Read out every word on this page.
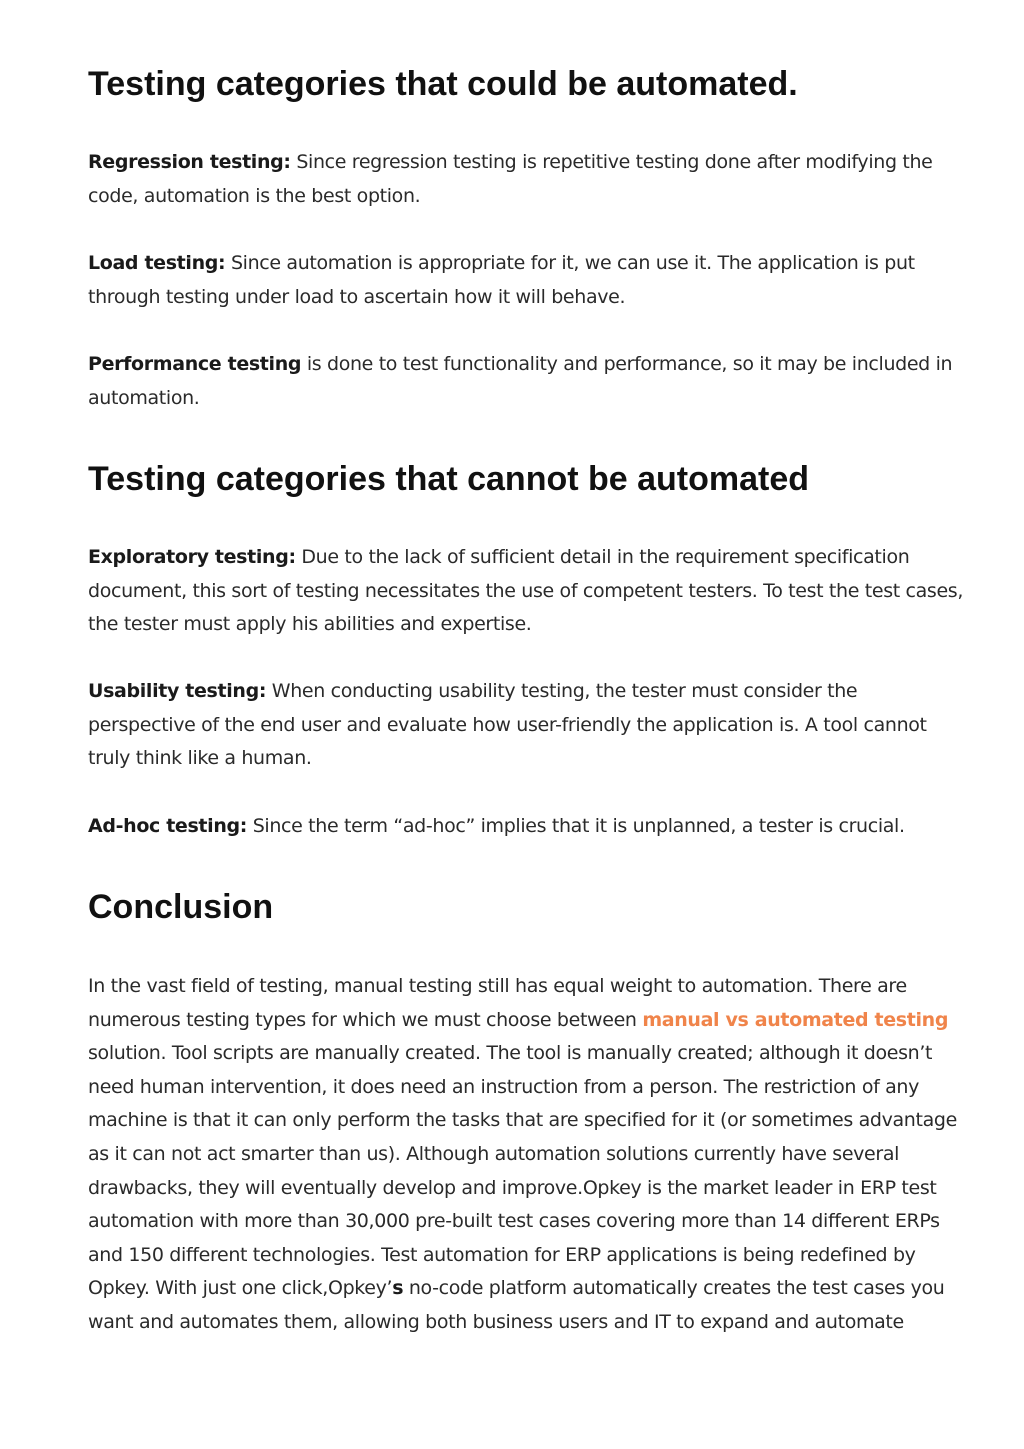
Testing categories that could be automated.

Regression testing: Since regression testing is repetitive testing done after modifying the code, automation is the best option.

Load testing: Since automation is appropriate for it, we can use it. The application is put through testing under load to ascertain how it will behave.

Performance testing is done to test functionality and performance, so it may be included in automation.

Testing categories that cannot be automated

Exploratory testing: Due to the lack of sufficient detail in the requirement specification document, this sort of testing necessitates the use of competent testers. To test the test cases, the tester must apply his abilities and expertise.

Usability testing: When conducting usability testing, the tester must consider the perspective of the end user and evaluate how user-friendly the application is. A tool cannot truly think like a human.

Ad-hoc testing: Since the term “ad-hoc” implies that it is unplanned, a tester is crucial.

Conclusion

In the vast field of testing, manual testing still has equal weight to automation. There are numerous testing types for which we must choose between manual vs automated testing solution. Tool scripts are manually created. The tool is manually created; although it doesn’t need human intervention, it does need an instruction from a person. The restriction of any machine is that it can only perform the tasks that are specified for it (or sometimes advantage as it can not act smarter than us). Although automation solutions currently have several drawbacks, they will eventually develop and improve.Opkey is the market leader in ERP test automation with more than 30,000 pre-built test cases covering more than 14 different ERPs and 150 different technologies. Test automation for ERP applications is being redefined by Opkey. With just one click,Opkey’s no-code platform automatically creates the test cases you want and automates them, allowing both business users and IT to expand and automate
